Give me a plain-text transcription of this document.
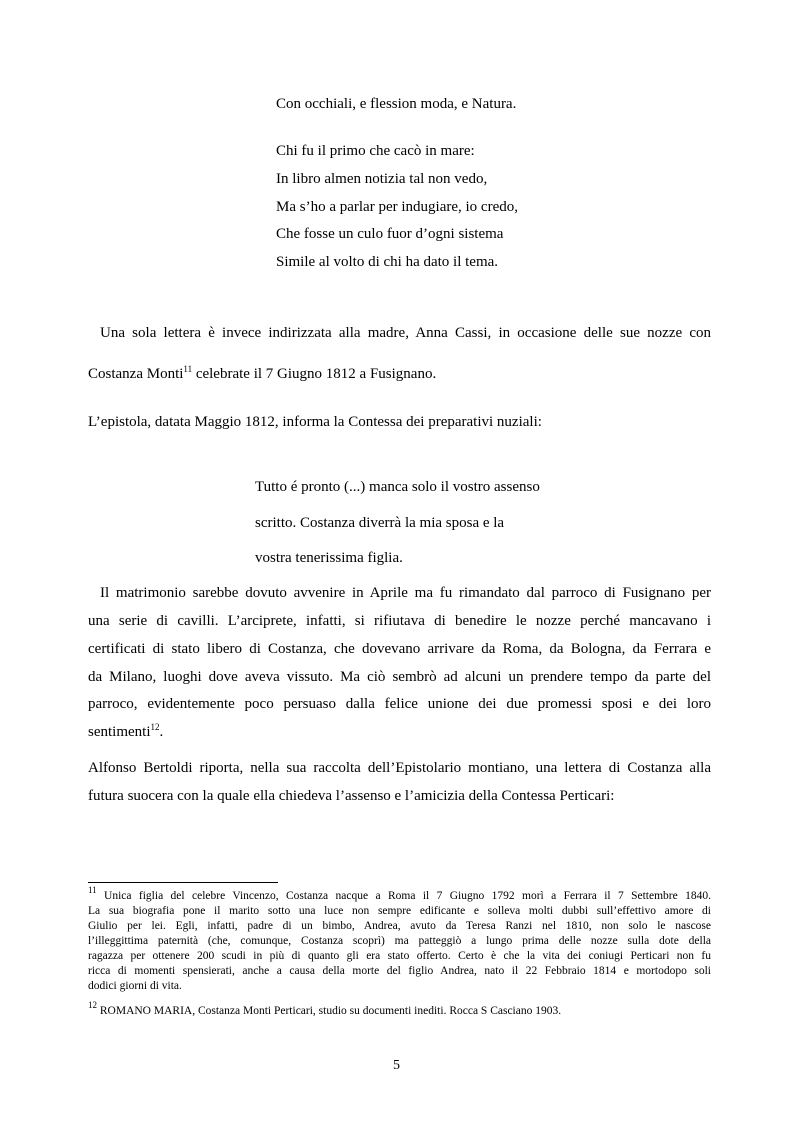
Con occhiali, e flession moda, e Natura.
Chi fu il primo che cacò in mare:
In libro almen notizia tal non vedo,
Ma s’ho a parlar per indugiare, io credo,
Che fosse un culo fuor d’ogni sistema
Simile al volto di chi ha dato il tema.
Una sola lettera è invece indirizzata alla madre, Anna Cassi, in occasione delle sue nozze con
Costanza Monti$^{11}$ celebrate il 7 Giugno 1812 a Fusignano.
L’epistola, datata Maggio 1812, informa la Contessa dei preparativi nuziali:
Tutto é pronto (...) manca solo il vostro assenso
scritto. Costanza diverrà la mia sposa e la
vostra tenerissima figlia.
Il matrimonio sarebbe dovuto avvenire in Aprile ma fu rimandato dal parroco di Fusignano per
una serie di cavilli. L’arciprete, infatti, si rifiutava di benedire le nozze perché mancavano i
certificati di stato libero di Costanza, che dovevano arrivare da Roma, da Bologna, da Ferrara e
da Milano, luoghi dove aveva vissuto. Ma ciò sembrò ad alcuni un prendere tempo da parte del
parroco, evidentemente poco persuaso dalla felice unione dei due promessi sposi e dei loro
sentimenti$^{12}$.
Alfonso Bertoldi riporta, nella sua raccolta dell’Epistolario montiano, una lettera di Costanza alla
futura suocera con la quale ella chiedeva l’assenso e l’amicizia della Contessa Perticari:
$^{11}$ Unica figlia del celebre Vincenzo, Costanza nacque a Roma il 7 Giugno 1792 morì a Ferrara il 7 Settembre 1840.
La sua biografia pone il marito sotto una luce non sempre edificante e solleva molti dubbi sull’effettivo amore di
Giulio per lei. Egli, infatti, padre di un bimbo, Andrea, avuto da Teresa Ranzi nel 1810, non solo le nascose
l’illeggittima paternità (che, comunque, Costanza scoprì) ma patteggiò a lungo prima delle nozze sulla dote della
ragazza per ottenere 200 scudi in più di quanto gli era stato offerto. Certo è che la vita dei coniugi Perticari non fu
ricca di momenti spensierati, anche a causa della morte del figlio Andrea, nato il 22 Febbraio 1814 e mortodopo soli
dodici giorni di vita.
$^{12}$ ROMANO MARIA, Costanza Monti Perticari, studio su documenti inediti. Rocca S Casciano 1903.
5
